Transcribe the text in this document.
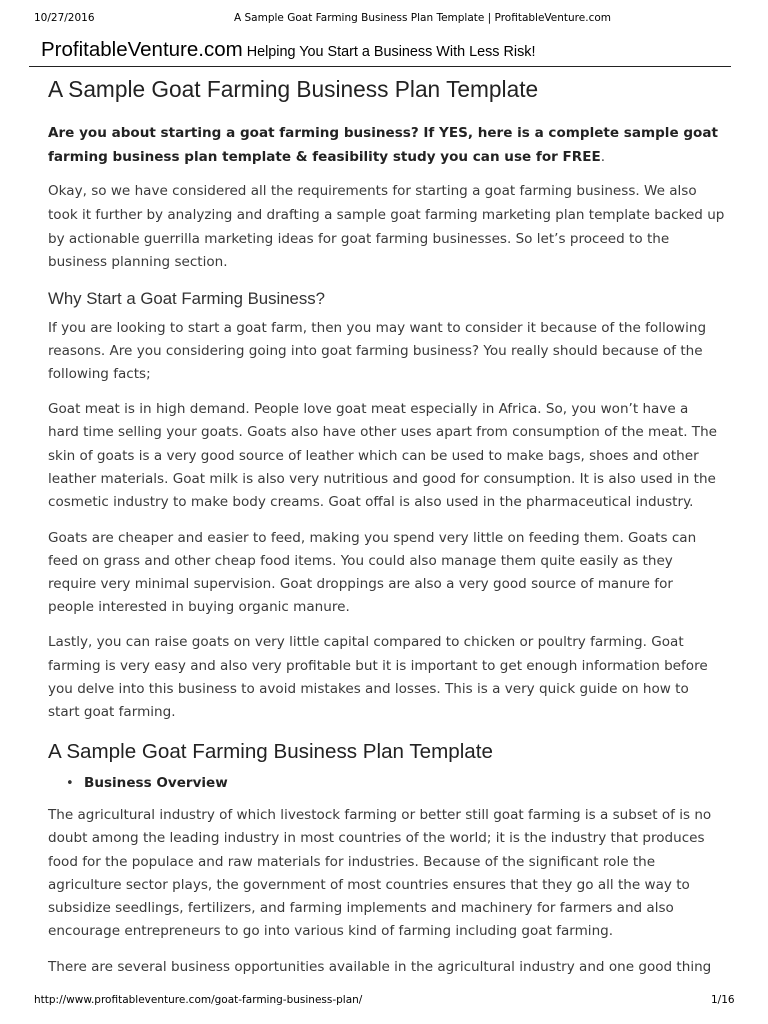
10/27/2016	A Sample Goat Farming Business Plan Template | ProfitableVenture.com
ProfitableVenture.com Helping You Start a Business With Less Risk!
A Sample Goat Farming Business Plan Template
Are you about starting a goat farming business? If YES, here is a complete sample goat
farming business plan template & feasibility study you can use for FREE.
Okay, so we have considered all the requirements for starting a goat farming business. We also
took it further by analyzing and drafting a sample goat farming marketing plan template backed up
by actionable guerrilla marketing ideas for goat farming businesses. So let’s proceed to the
business planning section.
Why Start a Goat Farming Business?
If you are looking to start a goat farm, then you may want to consider it because of the following
reasons. Are you considering going into goat farming business? You really should because of the
following facts;
Goat meat is in high demand. People love goat meat especially in Africa. So, you won’t have a
hard time selling your goats. Goats also have other uses apart from consumption of the meat. The
skin of goats is a very good source of leather which can be used to make bags, shoes and other
leather materials. Goat milk is also very nutritious and good for consumption. It is also used in the
cosmetic industry to make body creams. Goat offal is also used in the pharmaceutical industry.
Goats are cheaper and easier to feed, making you spend very little on feeding them. Goats can
feed on grass and other cheap food items. You could also manage them quite easily as they
require very minimal supervision. Goat droppings are also a very good source of manure for
people interested in buying organic manure.
Lastly, you can raise goats on very little capital compared to chicken or poultry farming. Goat
farming is very easy and also very profitable but it is important to get enough information before
you delve into this business to avoid mistakes and losses. This is a very quick guide on how to
start goat farming.
A Sample Goat Farming Business Plan Template
• Business Overview
The agricultural industry of which livestock farming or better still goat farming is a subset of is no
doubt among the leading industry in most countries of the world; it is the industry that produces
food for the populace and raw materials for industries. Because of the significant role the
agriculture sector plays, the government of most countries ensures that they go all the way to
subsidize seedlings, fertilizers, and farming implements and machinery for farmers and also
encourage entrepreneurs to go into various kind of farming including goat farming.
There are several business opportunities available in the agricultural industry and one good thing
http://www.profitableventure.com/goat-farming-business-plan/	1/16
